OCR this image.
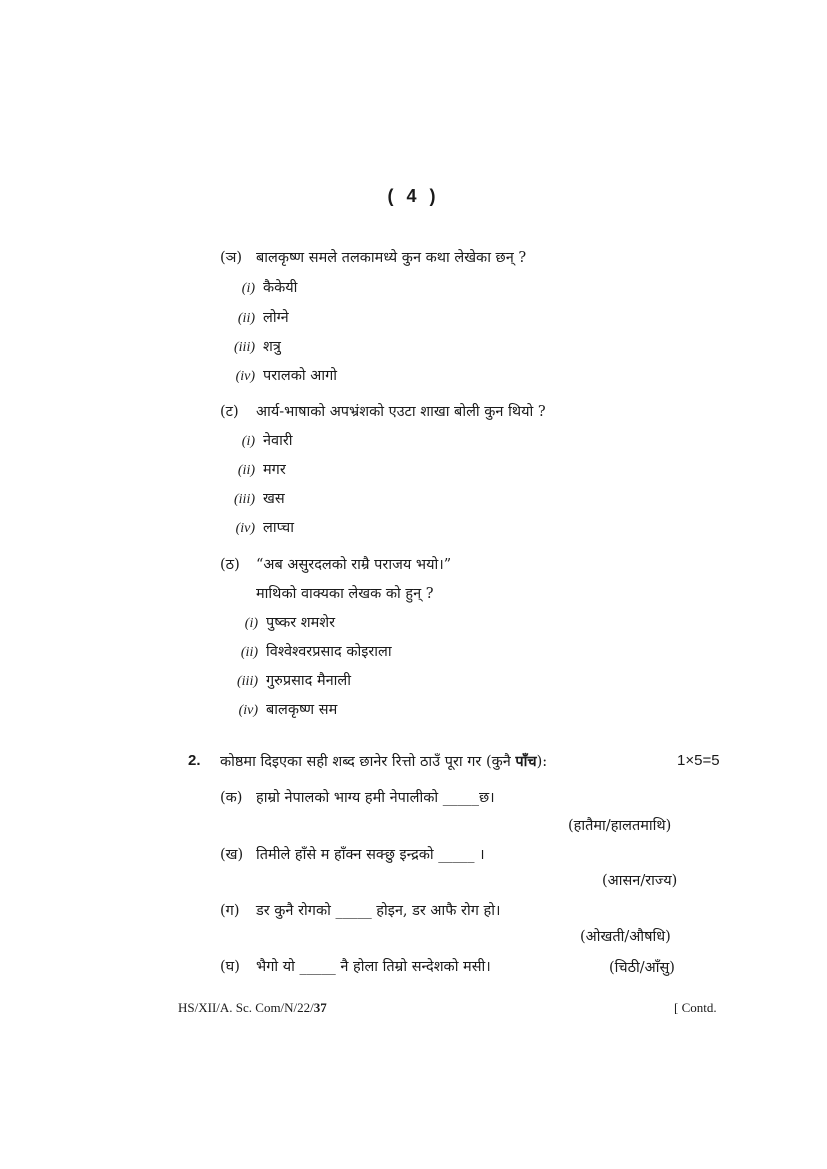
( 4 )
(ञ) बालकृष्ण समले तलकामध्ये कुन कथा लेखेका छन् ?
(i) कैकेयी
(ii) लोग्ने
(iii) शत्रु
(iv) परालको आगो
(ट) आर्य-भाषाको अपभ्रंशको एउटा शाखा बोली कुन थियो ?
(i) नेवारी
(ii) मगर
(iii) खस
(iv) लाप्चा
(ठ) “अब असुरदलको राम्रै पराजय भयो।”
माथिको वाक्यका लेखक को हुन् ?
(i) पुष्कर शमशेर
(ii) विश्वेश्वरप्रसाद कोइराला
(iii) गुरुप्रसाद मैनाली
(iv) बालकृष्ण सम
2. कोष्ठमा दिइएका सही शब्द छानेर रित्तो ठाउँ पूरा गर (कुनै पाँच):	1×5=5
(क) हाम्रो नेपालको भाग्य हमी नेपालीको _____छ।
(हातैमा/हालतमाथि)
(ख) तिमीले हाँसे म हाँक्न सक्छु इन्द्रको _____ ।
(आसन/राज्य)
(ग) डर कुनै रोगको _____ होइन, डर आफै रोग हो।
(ओखती/औषधि)
(घ) भैगो यो _____ नै होला तिम्रो सन्देशको मसी।	(चिठी/आँसु)
HS/XII/A. Sc. Com/N/22/37	[ Contd.
